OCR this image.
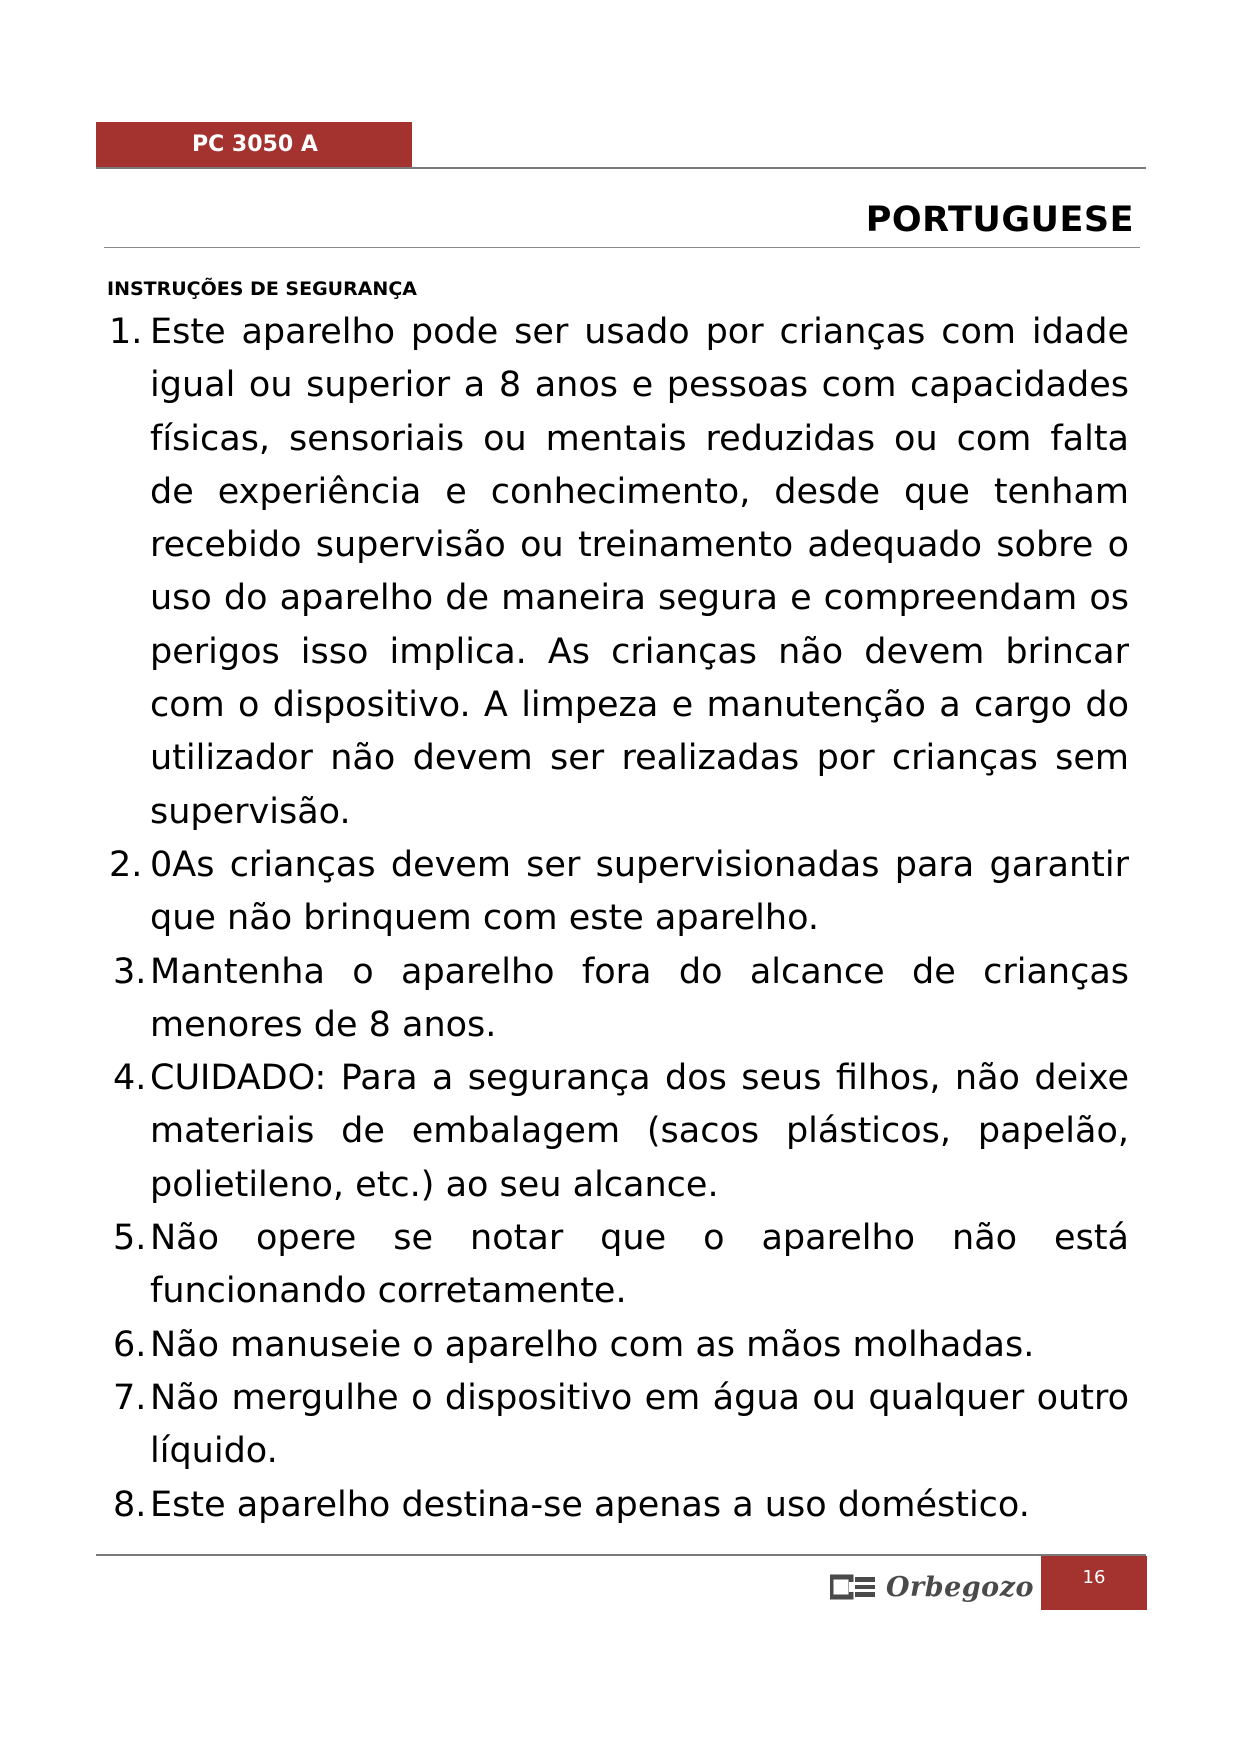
PC 3050 A
PORTUGUESE
INSTRUÇÕES DE SEGURANÇA
1. Este aparelho pode ser usado por crianças com idade igual ou superior a 8 anos e pessoas com capacidades físicas, sensoriais ou mentais reduzidas ou com falta de experiência e conhecimento, desde que tenham recebido supervisão ou treinamento adequado sobre o uso do aparelho de maneira segura e compreendam os perigos isso implica. As crianças não devem brincar com o dispositivo. A limpeza e manutenção a cargo do utilizador não devem ser realizadas por crianças sem supervisão.
2. 0As crianças devem ser supervisionadas para garantir que não brinquem com este aparelho.
3. Mantenha o aparelho fora do alcance de crianças menores de 8 anos.
4. CUIDADO: Para a segurança dos seus filhos, não deixe materiais de embalagem (sacos plásticos, papelão, polietileno, etc.) ao seu alcance.
5. Não opere se notar que o aparelho não está funcionando corretamente.
6. Não manuseie o aparelho com as mãos molhadas.
7. Não mergulhe o dispositivo em água ou qualquer outro líquido.
8. Este aparelho destina-se apenas a uso doméstico.
Orbegozo	16
